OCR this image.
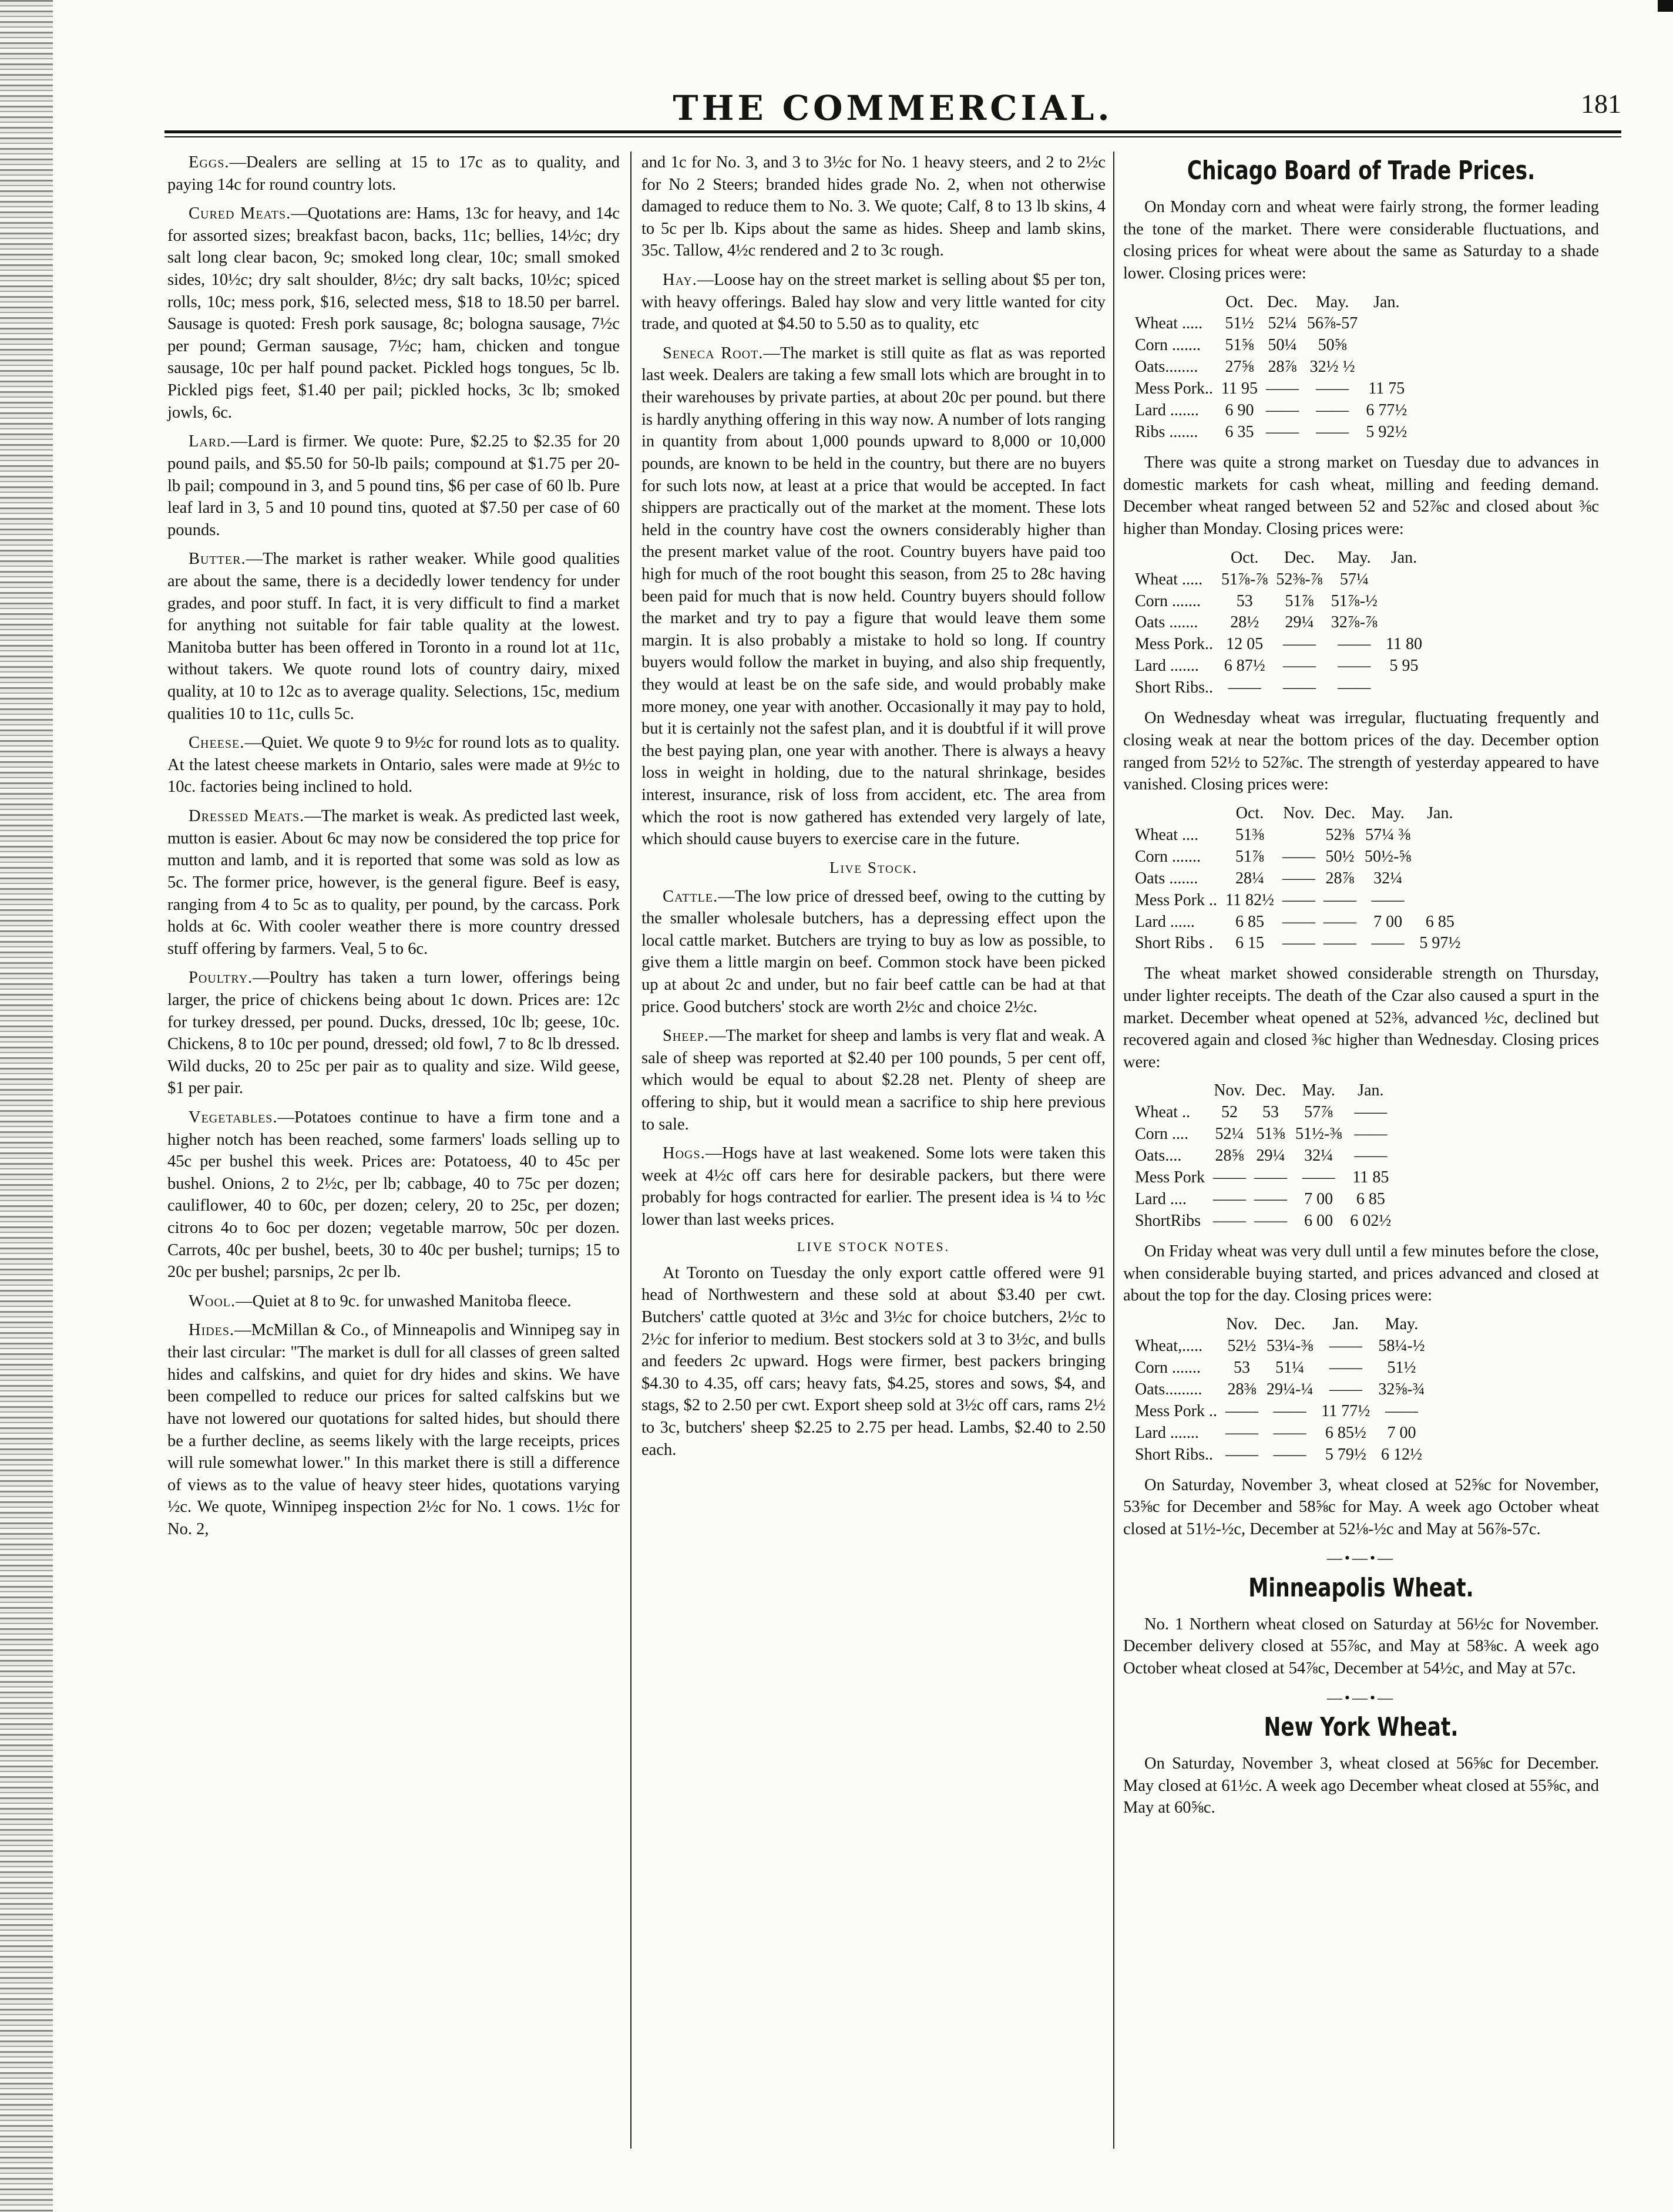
THE COMMERCIAL.	181

Eggs.—Dealers are selling at 15 to 17c as to quality, and paying 14c for round country lots.

Cured Meats.—Quotations are: Hams, 13c for heavy, and 14c for assorted sizes; breakfast bacon, backs, 11c; bellies, 14½c; dry salt long clear bacon, 9c; smoked long clear, 10c; small smoked sides, 10½c; dry salt shoulder, 8½c; dry salt backs, 10½c; spiced rolls, 10c; mess pork, $16, selected mess, $18 to 18.50 per barrel. Sausage is quoted: Fresh pork sausage, 8c; bologna sausage, 7½c per pound; German sausage, 7½c; ham, chicken and tongue sausage, 10c per half pound packet. Pickled hogs tongues, 5c lb. Pickled pigs feet, $1.40 per pail; pickled hocks, 3c lb; smoked jowls, 6c.

Lard.—Lard is firmer. We quote: Pure, $2.25 to $2.35 for 20 pound pails, and $5.50 for 50-lb pails; compound at $1.75 per 20-lb pail; compound in 3, and 5 pound tins, $6 per case of 60 lb. Pure leaf lard in 3, 5 and 10 pound tins, quoted at $7.50 per case of 60 pounds.

Butter.—The market is rather weaker. While good qualities are about the same, there is a decidedly lower tendency for under grades, and poor stuff. In fact, it is very difficult to find a market for anything not suitable for fair table quality at the lowest. Manitoba butter has been offered in Toronto in a round lot at 11c, without takers. We quote round lots of country dairy, mixed quality, at 10 to 12c as to average quality. Selections, 15c, medium qualities 10 to 11c, culls 5c.

Cheese.—Quiet. We quote 9 to 9½c for round lots as to quality. At the latest cheese markets in Ontario, sales were made at 9½c to 10c. factories being inclined to hold.

Dressed Meats.—The market is weak. As predicted last week, mutton is easier. About 6c may now be considered the top price for mutton and lamb, and it is reported that some was sold as low as 5c. The former price, however, is the general figure. Beef is easy, ranging from 4 to 5c as to quality, per pound, by the carcass. Pork holds at 6c. With cooler weather there is more country dressed stuff offering by farmers. Veal, 5 to 6c.

Poultry.—Poultry has taken a turn lower, offerings being larger, the price of chickens being about 1c down. Prices are: 12c for turkey dressed, per pound. Ducks, dressed, 10c lb; geese, 10c. Chickens, 8 to 10c per pound, dressed; old fowl, 7 to 8c lb dressed. Wild ducks, 20 to 25c per pair as to quality and size. Wild geese, $1 per pair.

Vegetables.—Potatoes continue to have a firm tone and a higher notch has been reached, some farmers' loads selling up to 45c per bushel this week. Prices are: Potatoess, 40 to 45c per bushel. Onions, 2 to 2½c, per lb; cabbage, 40 to 75c per dozen; cauliflower, 40 to 60c, per dozen; celery, 20 to 25c, per dozen; citrons 4o to 6oc per dozen; vegetable marrow, 50c per dozen. Carrots, 40c per bushel, beets, 30 to 40c per bushel; turnips; 15 to 20c per bushel; parsnips, 2c per lb.

Wool.—Quiet at 8 to 9c. for unwashed Manitoba fleece.

Hides.—McMillan & Co., of Minneapolis and Winnipeg say in their last circular: "The market is dull for all classes of green salted hides and calfskins, and quiet for dry hides and skins. We have been compelled to reduce our prices for salted calfskins but we have not lowered our quotations for salted hides, but should there be a further decline, as seems likely with the large receipts, prices will rule somewhat lower." In this market there is still a difference of views as to the value of heavy steer hides, quotations varying ½c. We quote, Winnipeg inspection 2½c for No. 1 cows. 1½c for No. 2,

and 1c for No. 3, and 3 to 3½c for No. 1 heavy steers, and 2 to 2½c for No 2 Steers; branded hides grade No. 2, when not otherwise damaged to reduce them to No. 3. We quote; Calf, 8 to 13 lb skins, 4 to 5c per lb. Kips about the same as hides. Sheep and lamb skins, 35c. Tallow, 4½c rendered and 2 to 3c rough.

Hay.—Loose hay on the street market is selling about $5 per ton, with heavy offerings. Baled hay slow and very little wanted for city trade, and quoted at $4.50 to 5.50 as to quality, etc

Seneca Root.—The market is still quite as flat as was reported last week. Dealers are taking a few small lots which are brought in to their warehouses by private parties, at about 20c per pound. but there is hardly anything offering in this way now. A number of lots ranging in quantity from about 1,000 pounds upward to 8,000 or 10,000 pounds, are known to be held in the country, but there are no buyers for such lots now, at least at a price that would be accepted. In fact shippers are practically out of the market at the moment. These lots held in the country have cost the owners considerably higher than the present market value of the root. Country buyers have paid too high for much of the root bought this season, from 25 to 28c having been paid for much that is now held. Country buyers should follow the market and try to pay a figure that would leave them some margin. It is also probably a mistake to hold so long. If country buyers would follow the market in buying, and also ship frequently, they would at least be on the safe side, and would probably make more money, one year with another. Occasionally it may pay to hold, but it is certainly not the safest plan, and it is doubtful if it will prove the best paying plan, one year with another. There is always a heavy loss in weight in holding, due to the natural shrinkage, besides interest, insurance, risk of loss from accident, etc. The area from which the root is now gathered has extended very largely of late, which should cause buyers to exercise care in the future.

Live Stock.

Cattle.—The low price of dressed beef, owing to the cutting by the smaller wholesale butchers, has a depressing effect upon the local cattle market. Butchers are trying to buy as low as possible, to give them a little margin on beef. Common stock have been picked up at about 2c and under, but no fair beef cattle can be had at that price. Good butchers' stock are worth 2½c and choice 2½c.

Sheep.—The market for sheep and lambs is very flat and weak. A sale of sheep was reported at $2.40 per 100 pounds, 5 per cent off, which would be equal to about $2.28 net. Plenty of sheep are offering to ship, but it would mean a sacrifice to ship here previous to sale.

Hogs.—Hogs have at last weakened. Some lots were taken this week at 4½c off cars here for desirable packers, but there were probably for hogs contracted for earlier. The present idea is ¼ to ½c lower than last weeks prices.

LIVE STOCK NOTES.

At Toronto on Tuesday the only export cattle offered were 91 head of Northwestern and these sold at about $3.40 per cwt. Butchers' cattle quoted at 3½c and 3½c for choice butchers, 2½c to 2½c for inferior to medium. Best stockers sold at 3 to 3½c, and bulls and feeders 2c upward. Hogs were firmer, best packers bringing $4.30 to 4.35, off cars; heavy fats, $4.25, stores and sows, $4, and stags, $2 to 2.50 per cwt. Export sheep sold at 3½c off cars, rams 2½ to 3c, butchers' sheep $2.25 to 2.75 per head. Lambs, $2.40 to 2.50 each.

Chicago Board of Trade Prices.

On Monday corn and wheat were fairly strong, the former leading the tone of the market. There were considerable fluctuations, and closing prices for wheat were about the same as Saturday to a shade lower. Closing prices were:

	Oct.	Dec.	May.	Jan.
Wheat .....	51½	52¼	56⅞-57	
Corn .......	51⅝	50¼	50⅝	
Oats........	27⅝	28⅞	32½ ½	
Mess Pork..	11 95	——	——	11 75
Lard .......	6 90	——	——	6 77½
Ribs .......	6 35	——	——	5 92½

There was quite a strong market on Tuesday due to advances in domestic markets for cash wheat, milling and feeding demand. December wheat ranged between 52 and 52⅞c and closed about ⅜c higher than Monday. Closing prices were:

	Oct.	Dec.	May.	Jan.
Wheat .....	51⅞-⅞	52⅜-⅞	57¼	
Corn .......	53	51⅞	51⅞-½	
Oats .......	28½	29¼	32⅞-⅞	
Mess Pork..	12 05	——	——	11 80
Lard .......	6 87½	——	——	5 95
Short Ribs..	——	——	——	

On Wednesday wheat was irregular, fluctuating frequently and closing weak at near the bottom prices of the day. December option ranged from 52½ to 52⅞c. The strength of yesterday appeared to have vanished. Closing prices were:

	Oct.	Nov.	Dec.	May.	Jan.
Wheat ....	51⅜		52⅜	57¼ ⅜	
Corn .......	51⅞	——	50½	50½-⅝	
Oats .......	28¼	——	28⅞	32¼	
Mess Pork ..	11 82½	——	——	——	
Lard ......	6 85	——	——	7 00	6 85
Short Ribs .	6 15	——	——	——	5 97½

The wheat market showed considerable strength on Thursday, under lighter receipts. The death of the Czar also caused a spurt in the market. December wheat opened at 52⅜, advanced ½c, declined but recovered again and closed ⅜c higher than Wednesday. Closing prices were:

	Nov.	Dec.	May.	Jan.
Wheat ..	52	53	57⅞	——
Corn ....	52¼	51⅜	51½-⅜	——
Oats....	28⅝	29¼	32¼	——
Mess Pork	——	——	——	11 85
Lard ....	——	——	7 00	6 85
ShortRibs	——	——	6 00	6 02½

On Friday wheat was very dull until a few minutes before the close, when considerable buying started, and prices advanced and closed at about the top for the day. Closing prices were:

	Nov.	Dec.	Jan.	May.
Wheat,.....	52½	53¼-⅜	——	58¼-½
Corn .......	53	51¼	——	51½
Oats.........	28⅜	29¼-¼	——	32⅝-¾
Mess Pork ..	——	——	11 77½	——
Lard .......	——	——	6 85½	7 00
Short Ribs..	——	——	5 79½	6 12½

On Saturday, November 3, wheat closed at 52⅝c for November, 53⅝c for December and 58⅝c for May. A week ago October wheat closed at 51½-½c, December at 52⅛-½c and May at 56⅞-57c.

—•—•—
Minneapolis Wheat.

No. 1 Northern wheat closed on Saturday at 56½c for November. December delivery closed at 55⅞c, and May at 58⅜c. A week ago October wheat closed at 54⅞c, December at 54½c, and May at 57c.

—•—•—
New York Wheat.

On Saturday, November 3, wheat closed at 56⅝c for December. May closed at 61½c. A week ago December wheat closed at 55⅝c, and May at 60⅝c.
